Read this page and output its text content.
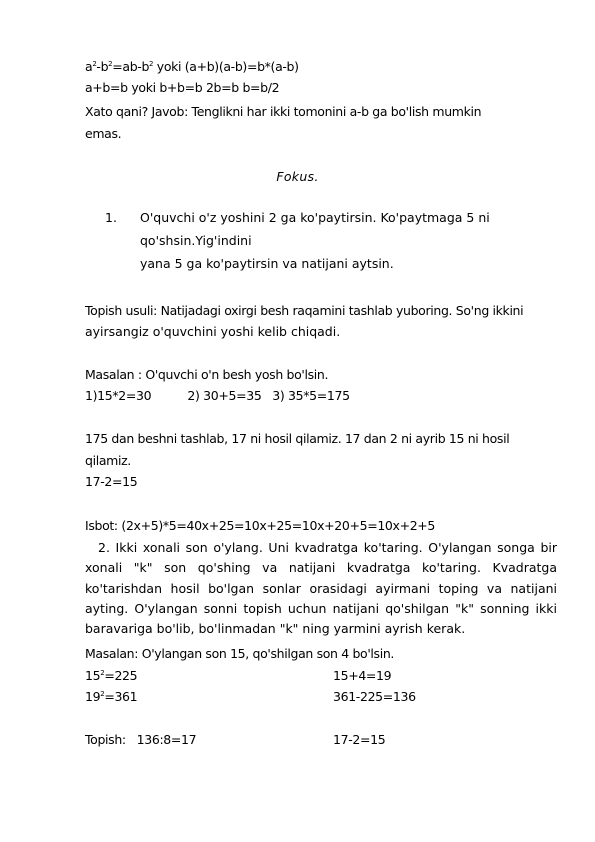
$a^2-b^2=ab-b^2$ yoki (a+b)(a-b)=b*(a-b)
a+b=b yoki b+b=b 2b=b b=b/2
Xato qani? Javob: Tenglikni har ikki tomonini a-b ga bo'lish mumkin
emas.
Fokus.
1. O'quvchi o'z yoshini 2 ga ko'paytirsin. Ko'paytmaga 5 ni
qo'shsin.Yig'indini
yana 5 ga ko'paytirsin va natijani aytsin.
Topish usuli: Natijadagi oxirgi besh raqamini tashlab yuboring. So'ng ikkini
ayirsangiz o'quvchini yoshi kelib chiqadi.
Masalan : O'quvchi o'n besh yosh bo'lsin.
1)15*2=30          2) 30+5=35   3) 35*5=175
175 dan beshni tashlab, 17 ni hosil qilamiz. 17 dan 2 ni ayrib 15 ni hosil
qilamiz.
17-2=15
Isbot: (2x+5)*5=40x+25=10x+25=10x+20+5=10x+2+5
2. Ikki xonali son o'ylang. Uni kvadratga ko'taring. O'ylangan songa bir xonali "k" son qo'shing va natijani kvadratga ko'taring. Kvadratga ko'tarishdan hosil bo'lgan sonlar orasidagi ayirmani toping va natijani ayting. O'ylangan sonni topish uchun natijani qo'shilgan "k" sonning ikki baravariga bo'lib, bo'linmadan "k" ning yarmini ayrish kerak.
Masalan: O'ylangan son 15, qo'shilgan son 4 bo'lsin.
$15^2=225$	15+4=19
$19^2=361$	361-225=136
Topish:   136:8=17	17-2=15
